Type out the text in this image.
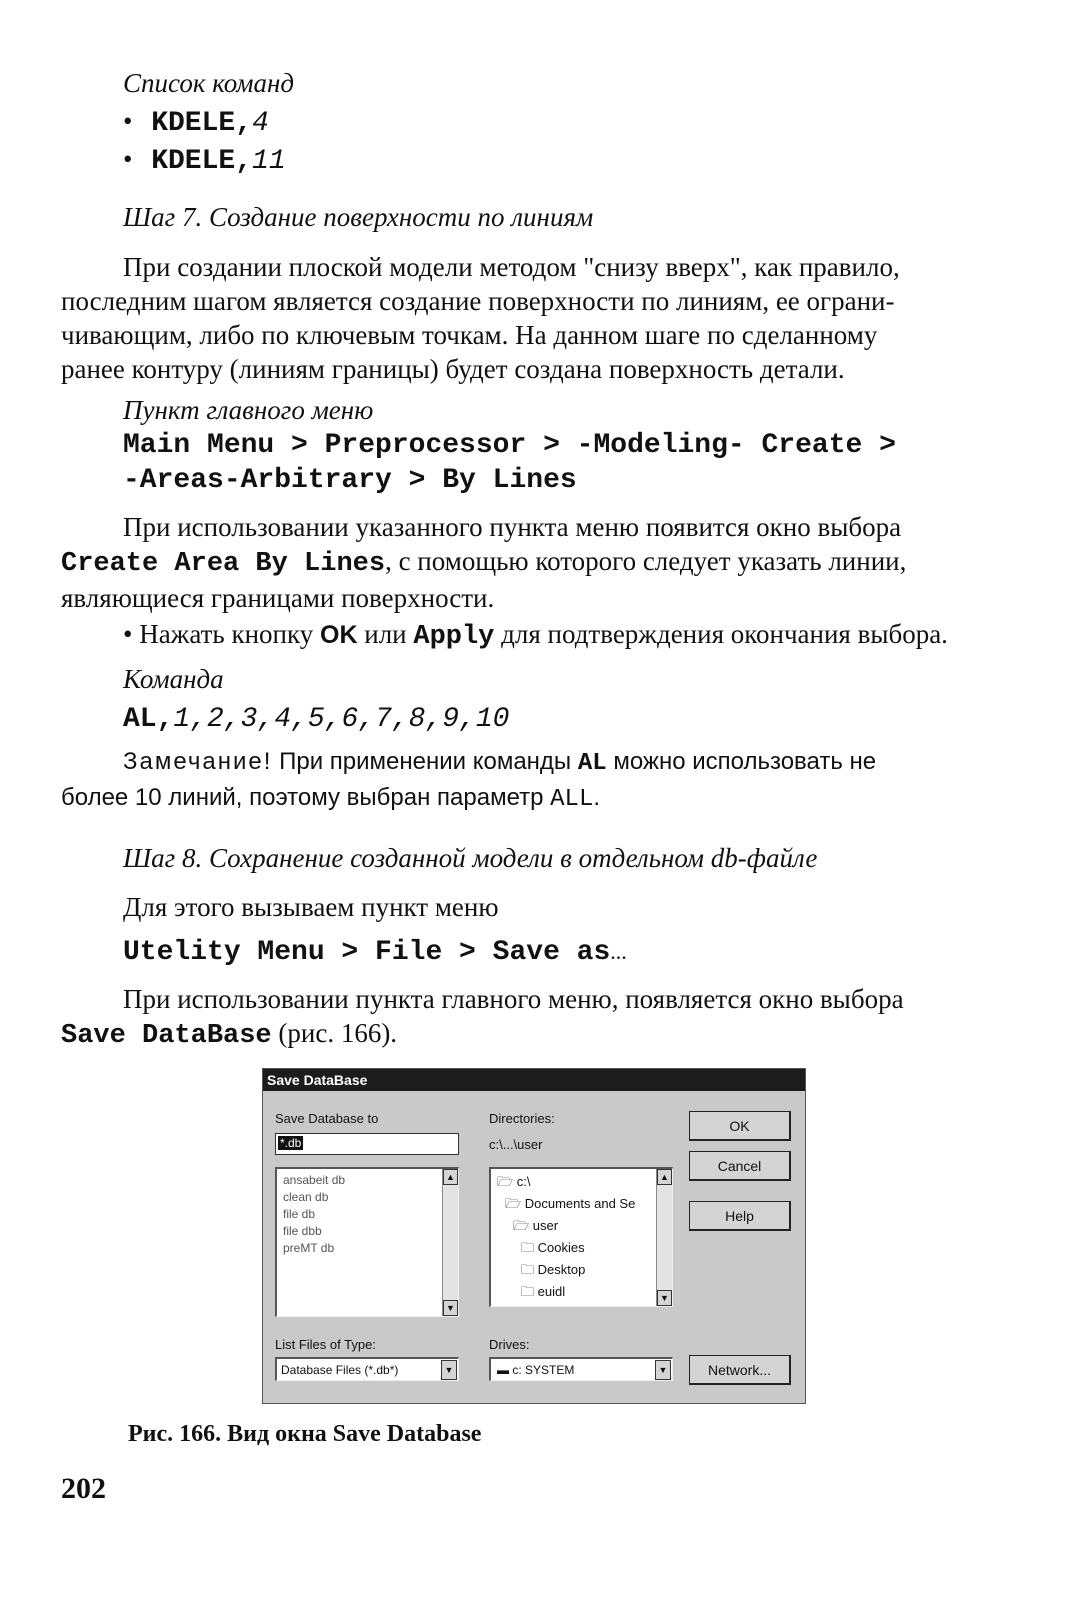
Список команд
• KDELE,4
• KDELE,11
Шаг 7. Создание поверхности по линиям
При создании плоской модели методом "снизу вверх", как правило,
последним шагом является создание поверхности по линиям, ее ограни-
чивающим, либо по ключевым точкам. На данном шаге по сделанному
ранее контуру (линиям границы) будет создана поверхность детали.
Пункт главного меню
Main Menu > Preprocessor > -Modeling- Create >
-Areas-Arbitrary > By Lines
При использовании указанного пункта меню появится окно выбора
Create Area By Lines, с помощью которого следует указать линии,
являющиеся границами поверхности.
• Нажать кнопку OK или Apply для подтверждения окончания выбора.
Команда
AL,1,2,3,4,5,6,7,8,9,10
Замечание! При применении команды AL можно использовать не
более 10 линий, поэтому выбран параметр ALL.
Шаг 8. Сохранение созданной модели в отдельном db-файле
Для этого вызываем пункт меню
Utelity Menu > File > Save as...
При использовании пункта главного меню, появляется окно выбора
Save DataBase (рис. 166).
Save DataBase
Save Database to
*.db
ansabeit db
clean db
file db
file dbb
preMT db
▲
▼
Directories:
c:\...\user
🗁 c:\
🗁 Documents and Se
🗁 user
🗀 Cookies
🗀 Desktop
🗀 euidl
▲
▼
List Files of Type:
Database Files (*.db*)	▼
Drives:
▬ c: SYSTEM	▼
OK
Cancel
Help
Network...
Рис. 166. Вид окна Save Database
202
